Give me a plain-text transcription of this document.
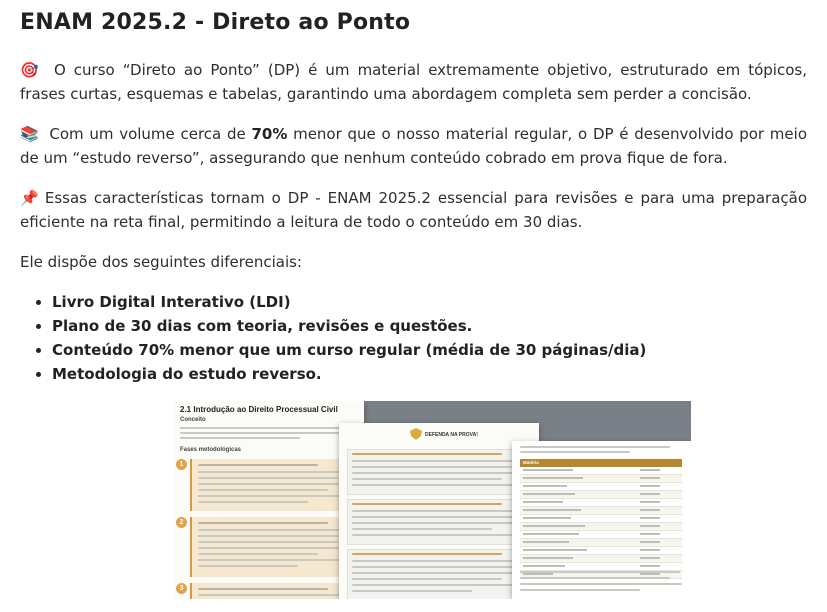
ENAM 2025.2 - Direto ao Ponto

🎯 O curso “Direto ao Ponto” (DP) é um material extremamente objetivo, estruturado em tópicos, frases curtas, esquemas e tabelas, garantindo uma abordagem completa sem perder a concisão.

📚 Com um volume cerca de 70% menor que o nosso material regular, o DP é desenvolvido por meio de um “estudo reverso”, assegurando que nenhum conteúdo cobrado em prova fique de fora.

📌 Essas características tornam o DP - ENAM 2025.2 essencial para revisões e para uma preparação eficiente na reta final, permitindo a leitura de todo o conteúdo em 30 dias.

Ele dispõe dos seguintes diferenciais:

• Livro Digital Interativo (LDI)
• Plano de 30 dias com teoria, revisões e questões.
• Conteúdo 70% menor que um curso regular (média de 30 páginas/dia)
• Metodologia do estudo reverso.
2.1 Introdução ao Direito Processual Civil
Conceito
Fases metodológicas
1
2
3
DEFENDA NA PROVA!
Matéria
